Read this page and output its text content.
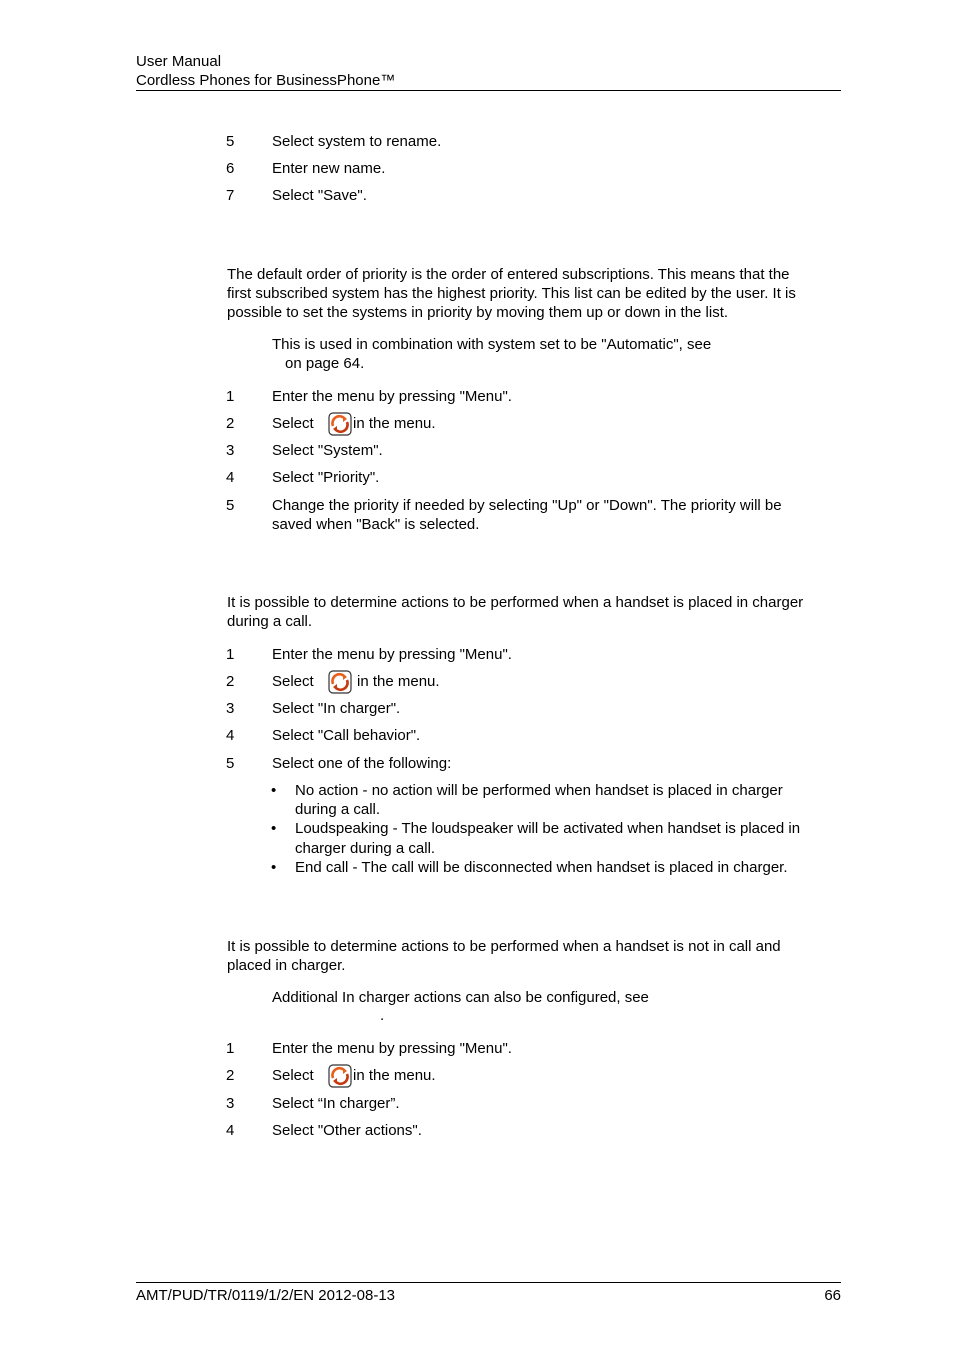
User Manual
Cordless Phones for BusinessPhone™
5	Select system to rename.
6	Enter new name.
7	Select "Save".
The default order of priority is the order of entered subscriptions. This means that the
first subscribed system has the highest priority. This list can be edited by the user. It is
possible to set the systems in priority by moving them up or down in the list.
This is used in combination with system set to be "Automatic", see
on page 64.
1	Enter the menu by pressing "Menu".
2	Select	in the menu.
3	Select "System".
4	Select "Priority".
5	Change the priority if needed by selecting "Up" or "Down". The priority will be
saved when "Back" is selected.
It is possible to determine actions to be performed when a handset is placed in charger
during a call.
1	Enter the menu by pressing "Menu".
2	Select	in the menu.
3	Select "In charger".
4	Select "Call behavior".
5	Select one of the following:
• No action - no action will be performed when handset is placed in charger
during a call.
• Loudspeaking - The loudspeaker will be activated when handset is placed in
charger during a call.
• End call - The call will be disconnected when handset is placed in charger.
It is possible to determine actions to be performed when a handset is not in call and
placed in charger.
Additional In charger actions can also be configured, see
.
1	Enter the menu by pressing "Menu".
2	Select	in the menu.
3	Select “In charger”.
4	Select "Other actions".
AMT/PUD/TR/0119/1/2/EN 2012-08-13	66
